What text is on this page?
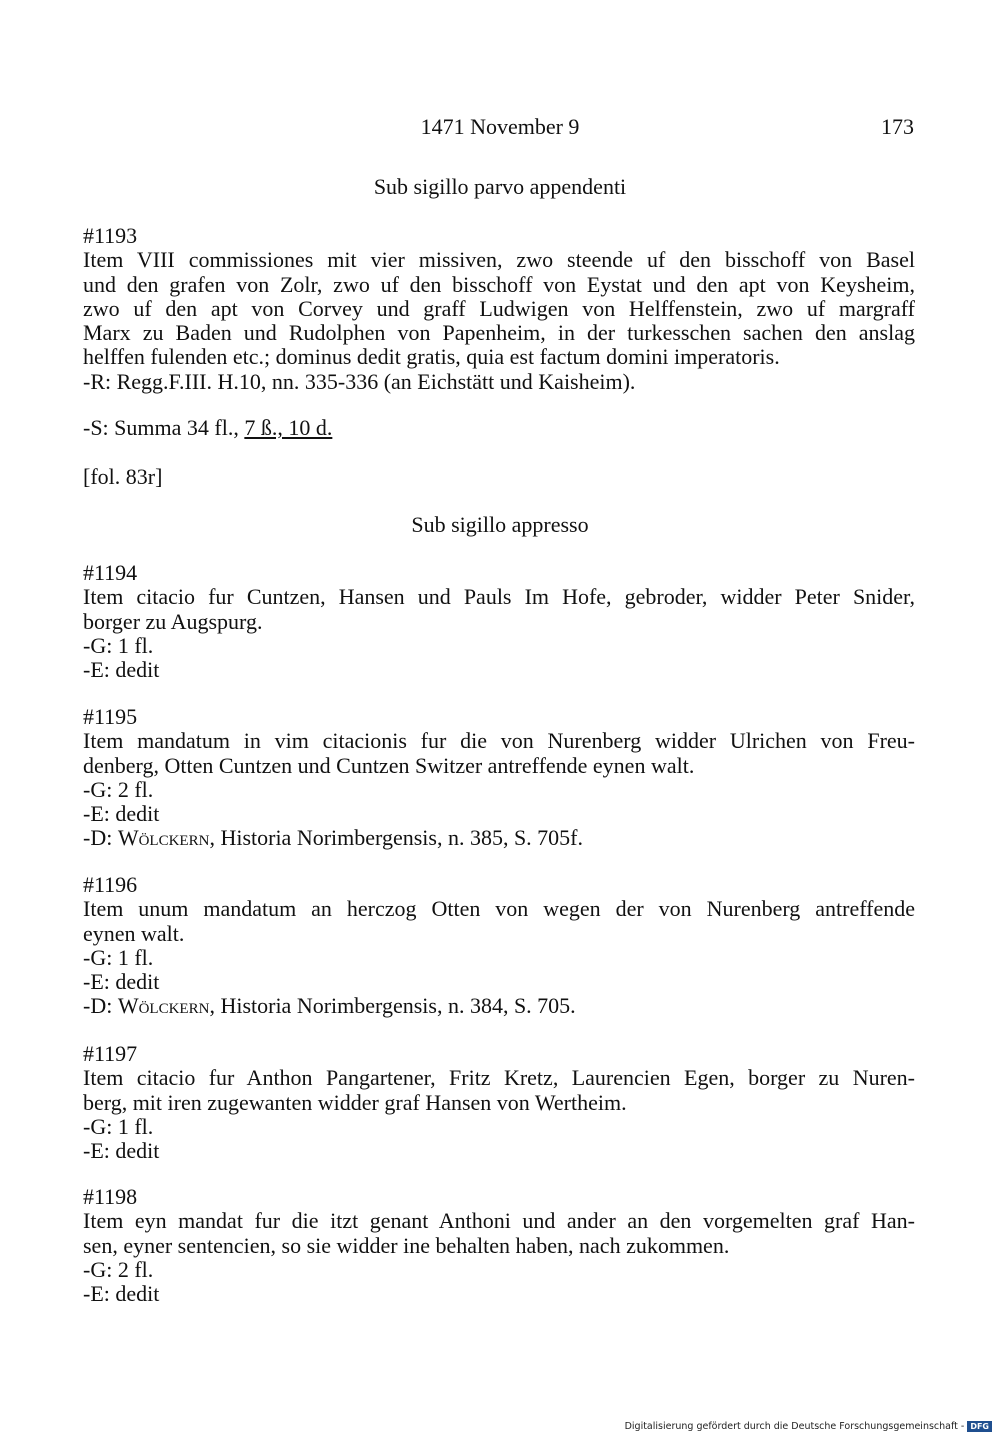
1471 November 9	173
Sub sigillo parvo appendenti
#1193
Item VIII commissiones mit vier missiven, zwo steende uf den bisschoff von Basel
und den grafen von Zolr, zwo uf den bisschoff von Eystat und den apt von Keysheim,
zwo uf den apt von Corvey und graff Ludwigen von Helffenstein, zwo uf margraff
Marx zu Baden und Rudolphen von Papenheim, in der turkesschen sachen den anslag
helffen fulenden etc.; dominus dedit gratis, quia est factum domini imperatoris.
-R: Regg.F.III. H.10, nn. 335-336 (an Eichstätt und Kaisheim).
-S: Summa 34 fl., 7 ß., 10 d.
[fol. 83r]
Sub sigillo appresso
#1194
Item citacio fur Cuntzen, Hansen und Pauls Im Hofe, gebroder, widder Peter Snider,
borger zu Augspurg.
-G: 1 fl.
-E: dedit
#1195
Item mandatum in vim citacionis fur die von Nurenberg widder Ulrichen von Freu-
denberg, Otten Cuntzen und Cuntzen Switzer antreffende eynen walt.
-G: 2 fl.
-E: dedit
-D: Wölckern, Historia Norimbergensis, n. 385, S. 705f.
#1196
Item unum mandatum an herczog Otten von wegen der von Nurenberg antreffende
eynen walt.
-G: 1 fl.
-E: dedit
-D: Wölckern, Historia Norimbergensis, n. 384, S. 705.
#1197
Item citacio fur Anthon Pangartener, Fritz Kretz, Laurencien Egen, borger zu Nuren-
berg, mit iren zugewanten widder graf Hansen von Wertheim.
-G: 1 fl.
-E: dedit
#1198
Item eyn mandat fur die itzt genant Anthoni und ander an den vorgemelten graf Han-
sen, eyner sentencien, so sie widder ine behalten haben, nach zukommen.
-G: 2 fl.
-E: dedit
Digitalisierung gefördert durch die Deutsche Forschungsgemeinschaft - DFG
